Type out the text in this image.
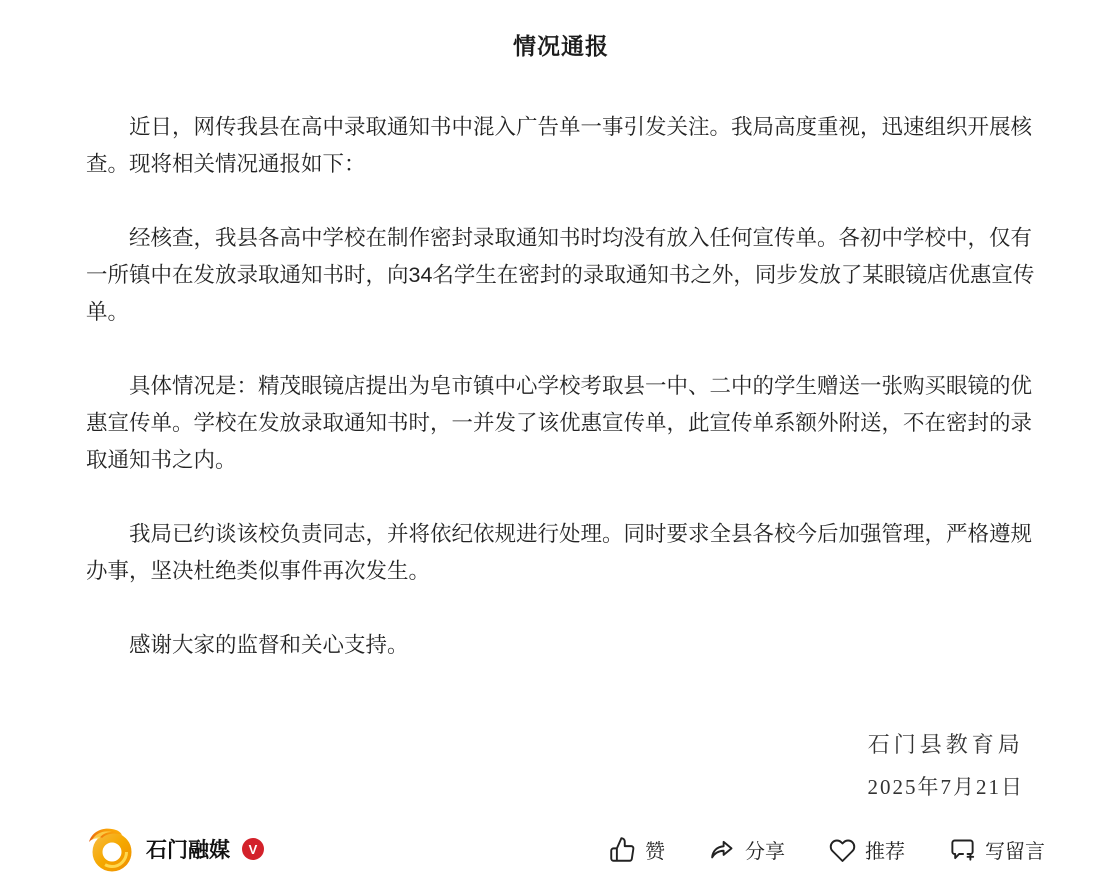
情况通报

近日，网传我县在高中录取通知书中混入广告单一事引发关注。我局高度重视，迅速组织开展核查。现将相关情况通报如下：

经核查，我县各高中学校在制作密封录取通知书时均没有放入任何宣传单。各初中学校中，仅有一所镇中在发放录取通知书时，向34名学生在密封的录取通知书之外，同步发放了某眼镜店优惠宣传单。

具体情况是：精茂眼镜店提出为皂市镇中心学校考取县一中、二中的学生赠送一张购买眼镜的优惠宣传单。学校在发放录取通知书时，一并发了该优惠宣传单，此宣传单系额外附送，不在密封的录取通知书之内。

我局已约谈该校负责同志，并将依纪依规进行处理。同时要求全县各校今后加强管理，严格遵规办事，坚决杜绝类似事件再次发生。

感谢大家的监督和关心支持。

石门县教育局
2025年7月21日
石门融媒	V	赞	分享	推荐	写留言
